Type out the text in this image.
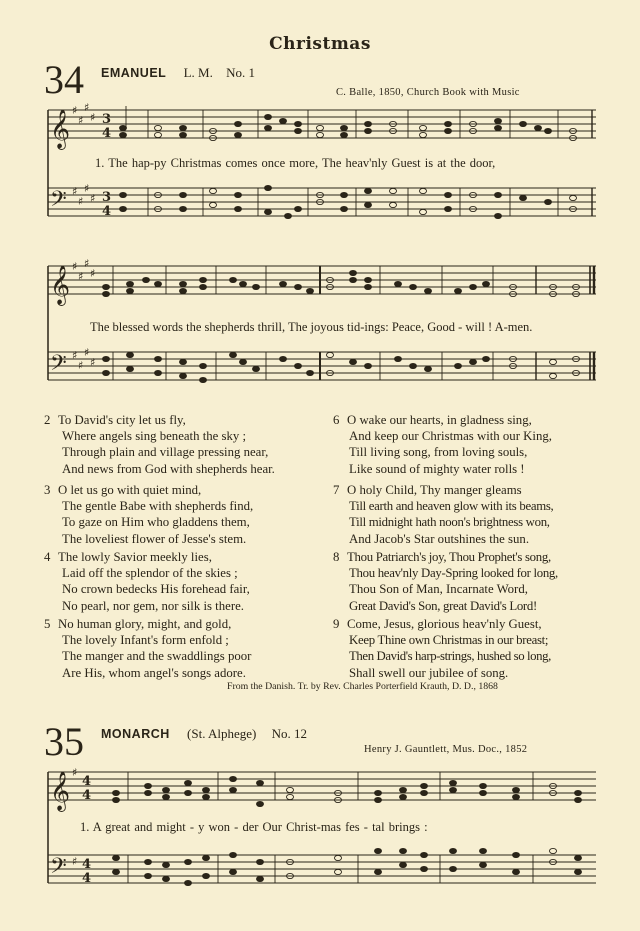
Christmas
34 EMANUEL L. M. No. 1
C. Balle, 1850, Church Book with Music
𝄞
𝄢
♯
♯
♯
♯
♯
♯
♯
♯
3
4
3
4
1. The hap-py Christmas comes once more, The heav'nly Guest is at the door,
𝄞
𝄢
♯
♯
♯
♯
♯
♯
♯
♯
The blessed words the shepherds thrill, The joyous tid-ings: Peace, Good - will ! A-men.
2 To David's city let us fly,
Where angels sing beneath the sky ;
Through plain and village pressing near,
And news from God with shepherds hear.
3 O let us go with quiet mind,
The gentle Babe with shepherds find,
To gaze on Him who gladdens them,
The loveliest flower of Jesse's stem.
4 The lowly Savior meekly lies,
Laid off the splendor of the skies ;
No crown bedecks His forehead fair,
No pearl, nor gem, nor silk is there.
5 No human glory, might, and gold,
The lovely Infant's form enfold ;
The manger and the swaddlings poor
Are His, whom angel's songs adore.
6 O wake our hearts, in gladness sing,
And keep our Christmas with our King,
Till living song, from loving souls,
Like sound of mighty water rolls !
7 O holy Child, Thy manger gleams
Till earth and heaven glow with its beams,
Till midnight hath noon's brightness won,
And Jacob's Star outshines the sun.
8 Thou Patriarch's joy, Thou Prophet's song,
Thou heav'nly Day-Spring looked for long,
Thou Son of Man, Incarnate Word,
Great David's Son, great David's Lord!
9 Come, Jesus, glorious heav'nly Guest,
Keep Thine own Christmas in our breast;
Then David's harp-strings, hushed so long,
Shall swell our jubilee of song.
From the Danish. Tr. by Rev. Charles Porterfield Krauth, D. D., 1868
35 MONARCH (St. Alphege) No. 12
Henry J. Gauntlett, Mus. Doc., 1852
𝄞
𝄢
♯
♯
4
4
4
4
1. A great and might - y won - der Our Christ-mas fes - tal brings :
